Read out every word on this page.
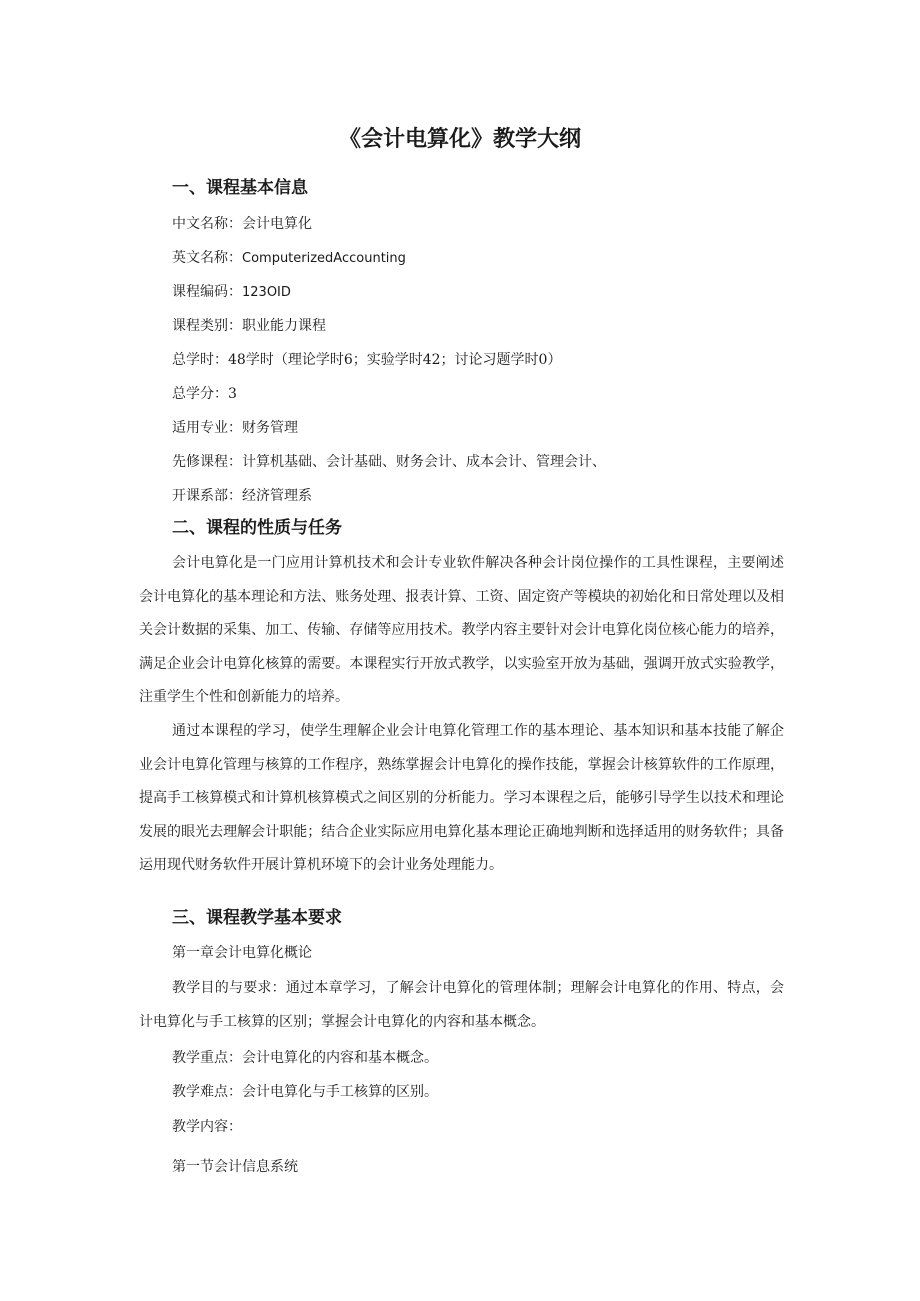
《会计电算化》教学大纲
一、课程基本信息

中文名称：会计电算化

英文名称：ComputerizedAccounting

课程编码：123OID

课程类别：职业能力课程

总学时：48学时（理论学时6；实验学时42；讨论习题学时0）

总学分：3

适用专业：财务管理

先修课程：计算机基础、会计基础、财务会计、成本会计、管理会计、

开课系部：经济管理系

二、课程的性质与任务

会计电算化是一门应用计算机技术和会计专业软件解决各种会计岗位操作的工具性课程，主要阐述会计电算化的基本理论和方法、账务处理、报表计算、工资、固定资产等模块的初始化和日常处理以及相关会计数据的采集、加工、传输、存储等应用技术。教学内容主要针对会计电算化岗位核心能力的培养，满足企业会计电算化核算的需要。本课程实行开放式教学，以实验室开放为基础，强调开放式实验教学，注重学生个性和创新能力的培养。

通过本课程的学习，使学生理解企业会计电算化管理工作的基本理论、基本知识和基本技能了解企业会计电算化管理与核算的工作程序，熟练掌握会计电算化的操作技能，掌握会计核算软件的工作原理，提高手工核算模式和计算机核算模式之间区别的分析能力。学习本课程之后，能够引导学生以技术和理论发展的眼光去理解会计职能；结合企业实际应用电算化基本理论正确地判断和选择适用的财务软件；具备运用现代财务软件开展计算机环境下的会计业务处理能力。

三、课程教学基本要求

第一章会计电算化概论

教学目的与要求：通过本章学习，了解会计电算化的管理体制；理解会计电算化的作用、特点，会计电算化与手工核算的区别；掌握会计电算化的内容和基本概念。

教学重点：会计电算化的内容和基本概念。

教学难点：会计电算化与手工核算的区别。

教学内容：

第一节会计信息系统
